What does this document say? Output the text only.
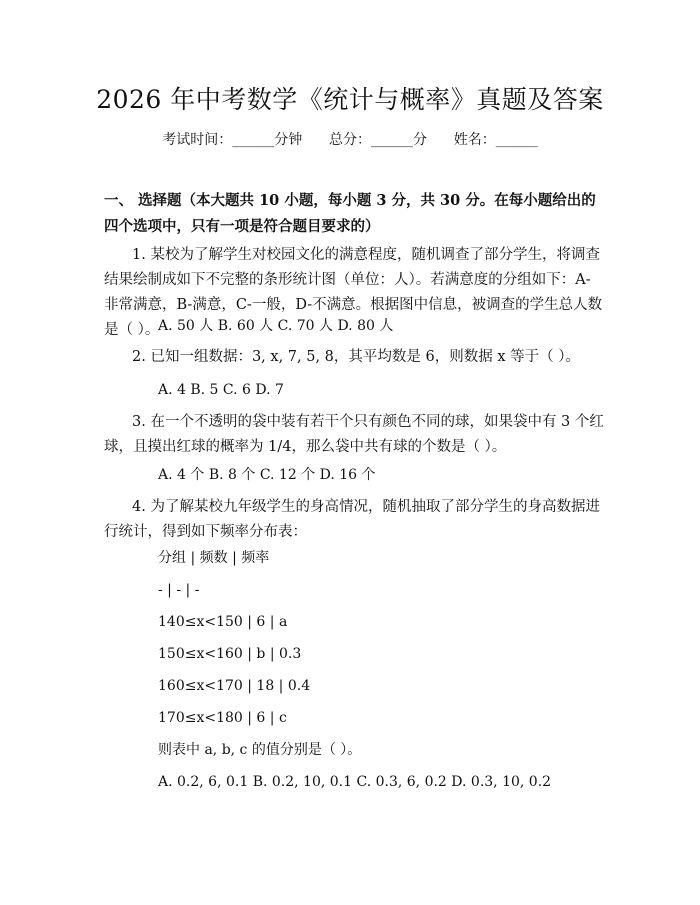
2026 年中考数学《统计与概率》真题及答案
考试时间：______分钟 总分：______分 姓名：______
一、 选择题（本大题共 10 小题，每小题 3 分，共 30 分。在每小题给出的四个选项中，只有一项是符合题目要求的）
1. 某校为了解学生对校园文化的满意程度，随机调查了部分学生，将调查结果绘制成如下不完整的条形统计图（单位：人）。若满意度的分组如下：A-非常满意，B-满意，C-一般，D-不满意。根据图中信息，被调查的学生总人数是（ ）。
A. 50 人 B. 60 人 C. 70 人 D. 80 人
2. 已知一组数据：3, x, 7, 5, 8，其平均数是 6，则数据 x 等于（ ）。
A. 4 B. 5 C. 6 D. 7
3. 在一个不透明的袋中装有若干个只有颜色不同的球，如果袋中有 3 个红球，且摸出红球的概率为 1/4，那么袋中共有球的个数是（ ）。
A. 4 个 B. 8 个 C. 12 个 D. 16 个
4. 为了解某校九年级学生的身高情况，随机抽取了部分学生的身高数据进行统计，得到如下频率分布表：
分组 | 频数 | 频率
- | - | -
140≤x<150 | 6 | a
150≤x<160 | b | 0.3
160≤x<170 | 18 | 0.4
170≤x<180 | 6 | c
则表中 a, b, c 的值分别是（ ）。
A. 0.2, 6, 0.1 B. 0.2, 10, 0.1 C. 0.3, 6, 0.2 D. 0.3, 10, 0.2
